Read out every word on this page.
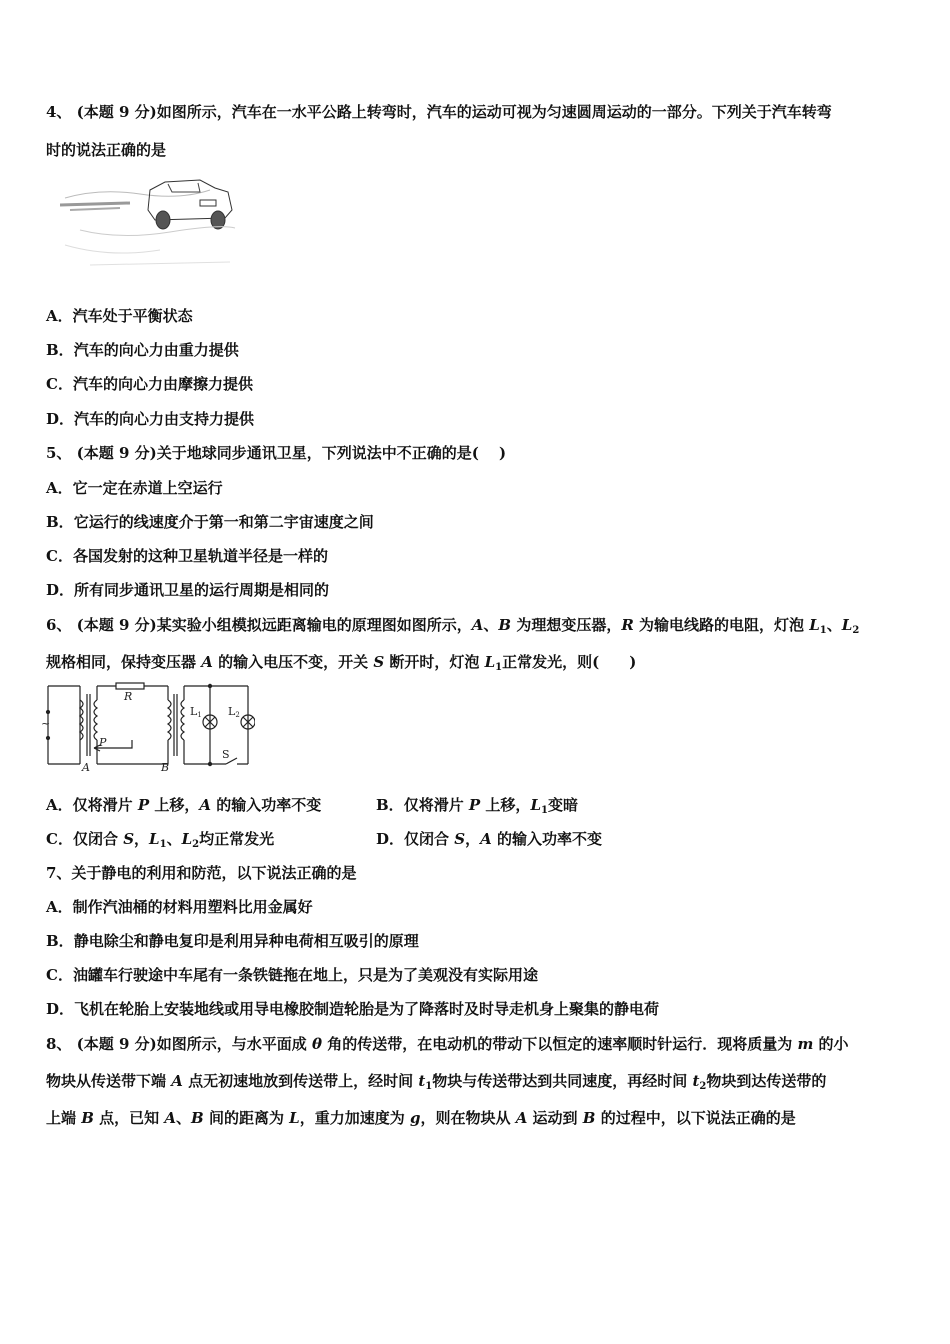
4、 (本题 9 分)如图所示，汽车在一水平公路上转弯时，汽车的运动可视为匀速圆周运动的一部分。下列关于汽车转弯
时的说法正确的是
A．汽车处于平衡状态
B．汽车的向心力由重力提供
C．汽车的向心力由摩擦力提供
D．汽车的向心力由支持力提供
5、 (本题 9 分)关于地球同步通讯卫星，下列说法中不正确的是(　 )
A．它一定在赤道上空运行
B．它运行的线速度介于第一和第二宇宙速度之间
C．各国发射的这种卫星轨道半径是一样的
D．所有同步通讯卫星的运行周期是相同的
6、 (本题 9 分)某实验小组模拟远距离输电的原理图如图所示，A、B 为理想变压器，R 为输电线路的电阻，灯泡 $L_1$、$L_2$
规格相同，保持变压器 A 的输入电压不变，开关 S 断开时，灯泡 $L_1$正常发光，则(　　)
~
R
P
A	B
L1 L2
S
A．仅将滑片 P 上移，A 的输入功率不变	B．仅将滑片 P 上移，$L_1$变暗
C．仅闭合 S，$L_1$、$L_2$均正常发光	D．仅闭合 S，A 的输入功率不变
7、关于静电的利用和防范，以下说法正确的是
A．制作汽油桶的材料用塑料比用金属好
B．静电除尘和静电复印是利用异种电荷相互吸引的原理
C．油罐车行驶途中车尾有一条铁链拖在地上，只是为了美观没有实际用途
D．飞机在轮胎上安装地线或用导电橡胶制造轮胎是为了降落时及时导走机身上聚集的静电荷
8、 (本题 9 分)如图所示，与水平面成 θ 角的传送带，在电动机的带动下以恒定的速率顺时针运行．现将质量为 m 的小
物块从传送带下端 A 点无初速地放到传送带上，经时间 $t_1$物块与传送带达到共同速度，再经时间 $t_2$物块到达传送带的
上端 B 点，已知 A、B 间的距离为 L，重力加速度为 g，则在物块从 A 运动到 B 的过程中，以下说法正确的是
